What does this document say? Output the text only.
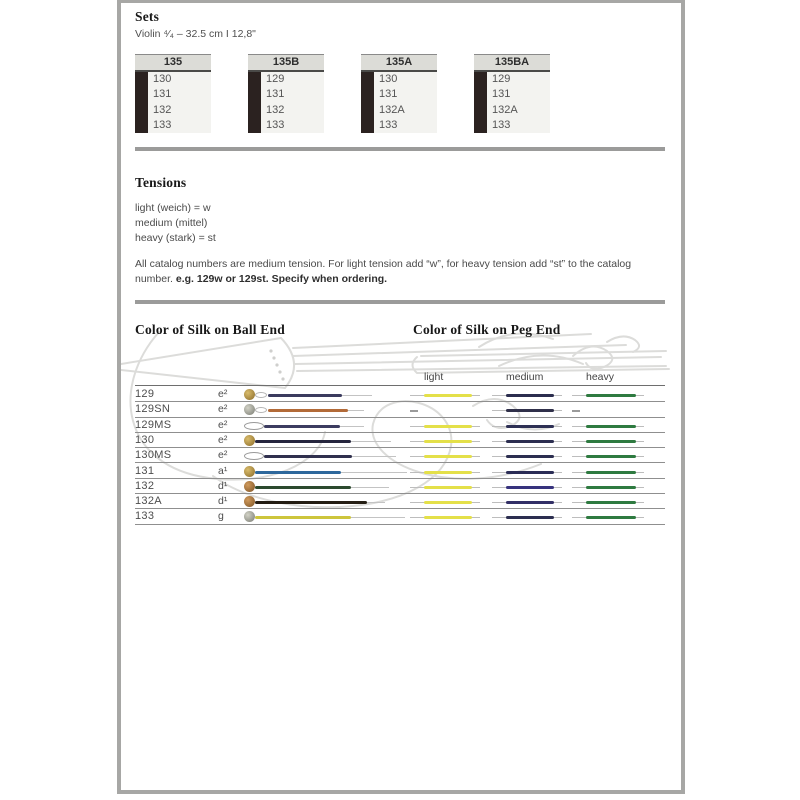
Sets
Violin ⁴⁄₄ – 32.5 cm I 12,8"
135
130
131
132
133
135B
129
131
132
133
135A
130
131
132A
133
135BA
129
131
132A
133
Tensions
light (weich) = w
medium (mittel)
heavy (stark) = st
All catalog numbers are medium tension. For light tension add “w”, for heavy tension add “st” to the catalog number. e.g. 129w or 129st. Specify when ordering.
Color of Silk on Ball End	Color of Silk on Peg End
light	medium	heavy
129	e²
129SN	e²
129MS	e²
130	e²
130MS	e²
131	a¹
132	d¹
132A	d¹
133	g
